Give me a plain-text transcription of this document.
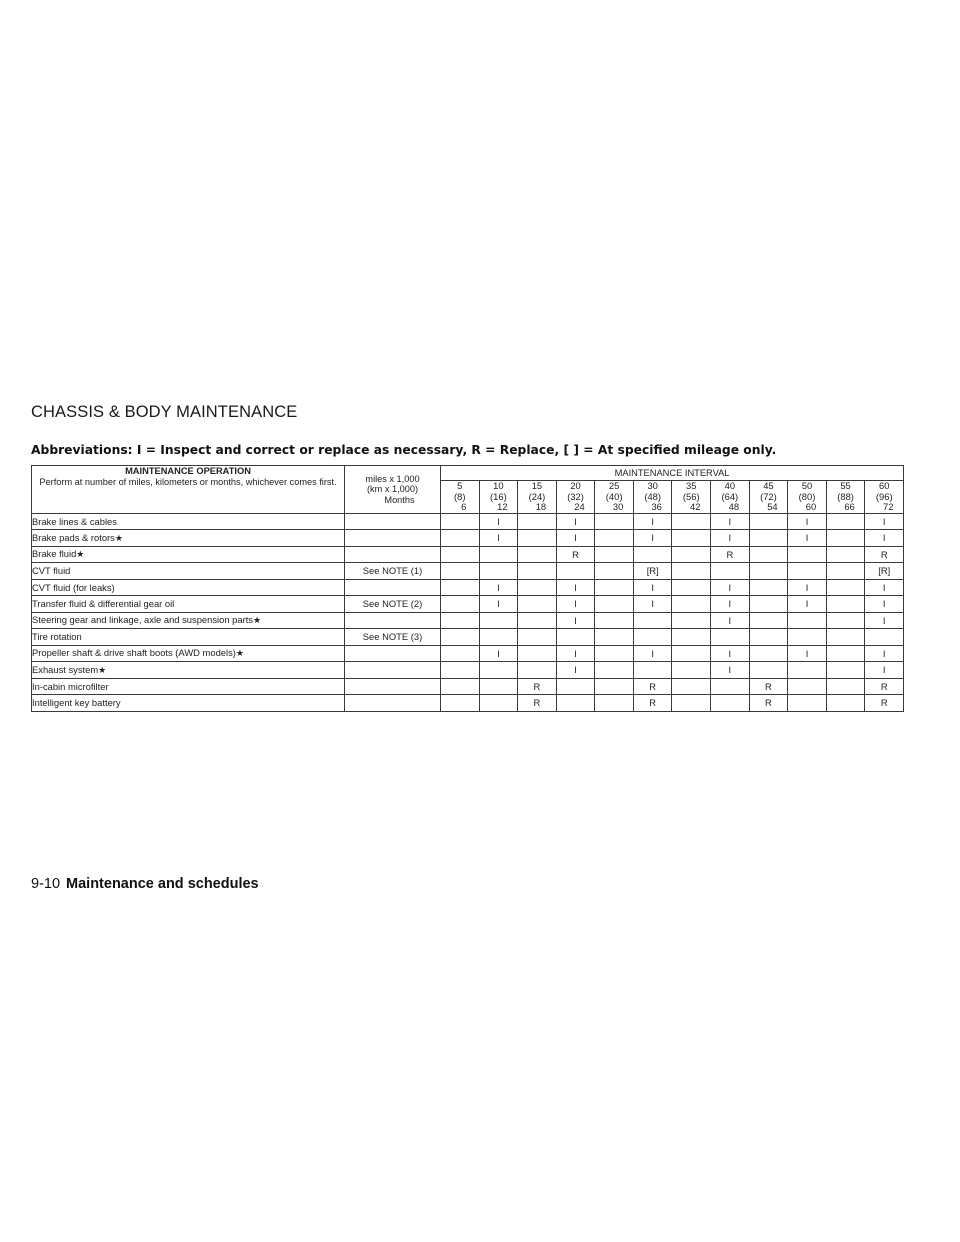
CHASSIS & BODY MAINTENANCE
Abbreviations: I = Inspect and correct or replace as necessary, R = Replace, [ ] = At specified mileage only.
MAINTENANCE OPERATION
Perform at number of miles, kilometers or months, whichever comes first.	miles x 1,000
(km x 1,000)
Months	MAINTENANCE INTERVAL											

		5
(8)
6	10
(16)
12	15
(24)
18	20
(32)
24	25
(40)
30	30
(48)
36	35
(56)
42	40
(64)
48	45
(72)
54	50
(80)
60	55
(88)
66	60
(96)
72

Brake lines & cables			I		I		I		I		I		I
Brake pads & rotors★			I		I		I		I		I		I
Brake fluid★					R				R				R
CVT fluid	See NOTE (1)						[R]						[R]
CVT fluid (for leaks)			I		I		I		I		I		I
Transfer fluid & differential gear oil	See NOTE (2)		I		I		I		I		I		I
Steering gear and linkage, axle and suspension parts★					I				I				I
Tire rotation	See NOTE (3)												
Propeller shaft & drive shaft boots (AWD models)★			I		I		I		I		I		I
Exhaust system★					I				I				I
In-cabin microfilter				R			R			R			R
Intelligent key battery				R			R			R			R
9-10 Maintenance and schedules
